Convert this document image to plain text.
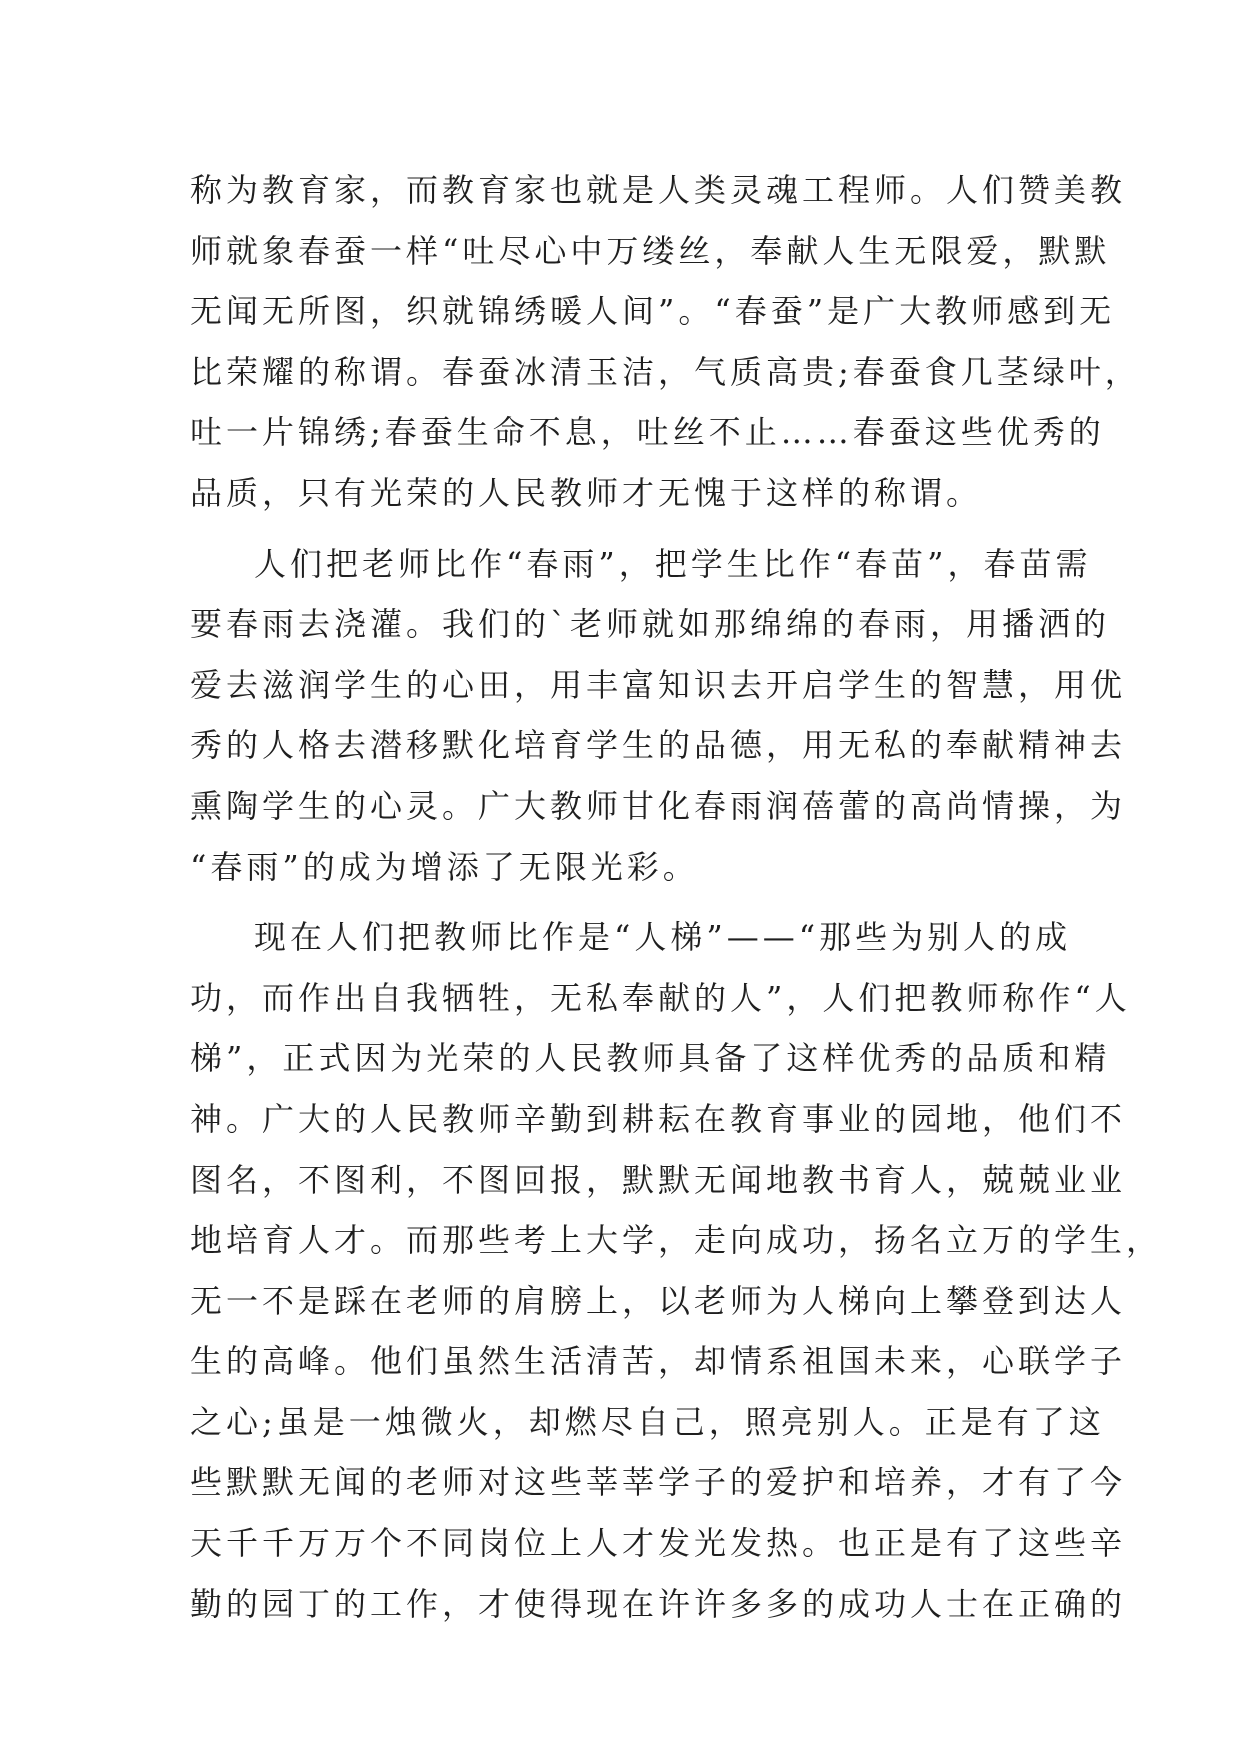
称为教育家，而教育家也就是人类灵魂工程师。人们赞美教
师就象春蚕一样“吐尽心中万缕丝，奉献人生无限爱，默默
无闻无所图，织就锦绣暖人间”。“春蚕”是广大教师感到无
比荣耀的称谓。春蚕冰清玉洁，气质高贵;春蚕食几茎绿叶，
吐一片锦绣;春蚕生命不息，吐丝不止……春蚕这些优秀的
品质，只有光荣的人民教师才无愧于这样的称谓。
人们把老师比作“春雨”，把学生比作“春苗”，春苗需
要春雨去浇灌。我们的`老师就如那绵绵的春雨，用播洒的
爱去滋润学生的心田，用丰富知识去开启学生的智慧，用优
秀的人格去潜移默化培育学生的品德，用无私的奉献精神去
熏陶学生的心灵。广大教师甘化春雨润蓓蕾的高尚情操，为
“春雨”的成为增添了无限光彩。
现在人们把教师比作是“人梯”——“那些为别人的成
功，而作出自我牺牲，无私奉献的人”，人们把教师称作“人
梯”，正式因为光荣的人民教师具备了这样优秀的品质和精
神。广大的人民教师辛勤到耕耘在教育事业的园地，他们不
图名，不图利，不图回报，默默无闻地教书育人，兢兢业业
地培育人才。而那些考上大学，走向成功，扬名立万的学生，
无一不是踩在老师的肩膀上，以老师为人梯向上攀登到达人
生的高峰。他们虽然生活清苦，却情系祖国未来，心联学子
之心;虽是一烛微火，却燃尽自己，照亮别人。正是有了这
些默默无闻的老师对这些莘莘学子的爱护和培养，才有了今
天千千万万个不同岗位上人才发光发热。也正是有了这些辛
勤的园丁的工作，才使得现在许许多多的成功人士在正确的
